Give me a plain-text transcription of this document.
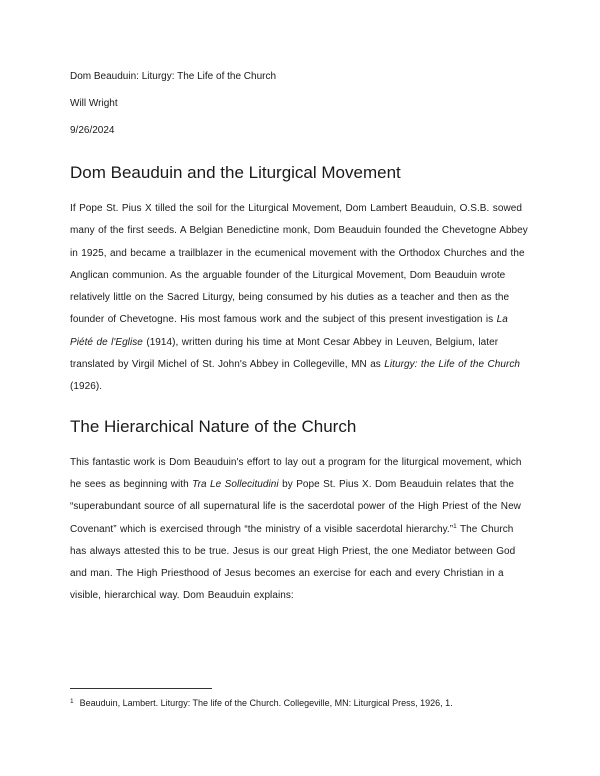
Dom Beauduin: Liturgy: The Life of the Church

Will Wright

9/26/2024

Dom Beauduin and the Liturgical Movement

If Pope St. Pius X tilled the soil for the Liturgical Movement, Dom Lambert Beauduin, O.S.B. sowed many of the first seeds. A Belgian Benedictine monk, Dom Beauduin founded the Chevetogne Abbey in 1925, and became a trailblazer in the ecumenical movement with the Orthodox Churches and the Anglican communion. As the arguable founder of the Liturgical Movement, Dom Beauduin wrote relatively little on the Sacred Liturgy, being consumed by his duties as a teacher and then as the founder of Chevetogne. His most famous work and the subject of this present investigation is La Piété de l'Eglise (1914), written during his time at Mont Cesar Abbey in Leuven, Belgium, later translated by Virgil Michel of St. John's Abbey in Collegeville, MN as Liturgy: the Life of the Church (1926).

The Hierarchical Nature of the Church

This fantastic work is Dom Beauduin's effort to lay out a program for the liturgical movement, which he sees as beginning with Tra Le Sollecitudini by Pope St. Pius X. Dom Beauduin relates that the “superabundant source of all supernatural life is the sacerdotal power of the High Priest of the New Covenant” which is exercised through “the ministry of a visible sacerdotal hierarchy.”$^1$ The Church has always attested this to be true. Jesus is our great High Priest, the one Mediator between God and man. The High Priesthood of Jesus becomes an exercise for each and every Christian in a visible, hierarchical way. Dom Beauduin explains:

$^1$ Beauduin, Lambert. Liturgy: The life of the Church. Collegeville, MN: Liturgical Press, 1926, 1.
